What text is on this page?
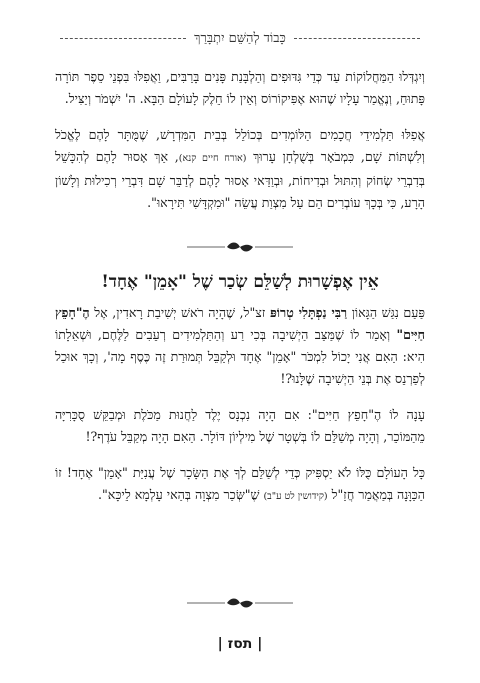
כָּבוֹד לְהַשֵּׁם יִתְבָּרַךְ

וְיִגְדְּלוּ הַמַּחֲלוֹקוֹת עַד כְּדֵי גִּדּוּפִים וְהַלְבָּנַת פָּנִים בָּרַבִּים, וַאֲפִלּוּ בִּפְנֵי סֵפֶר תּוֹרָה פָּתוּחַ, וְנֶאֱמַר עָלָיו שֶׁהוּא אֶפִּיקוֹרוֹס וְאֵין לוֹ חֵלֶק לָעוֹלָם הַבָּא. ה' יִשְׁמֹר וְיַצִּיל.

אֲפִלּוּ תַּלְמִידֵי חֲכָמִים הַלּוֹמְדִים בְּכוֹלֵל בְּבֵית הַמִּדְרָשׁ, שֶׁמֻּתָּר לָהֶם לֶאֱכֹל וְלִשְׁתּוֹת שָׁם, כִּמְבֹאָר בְּשֻׁלְחָן עָרוּךְ (אורח חיים קנא), אַךְ אָסוּר לָהֶם לְהִכָּשֵׁל בְּדִבְרֵי שְׂחוֹק וְהִתּוּל וּבְדִיחוֹת, וּבְוַדַּאי אָסוּר לָהֶם לְדַבֵּר שָׁם דִּבְרֵי רְכִילוּת וְלָשׁוֹן הָרָע, כִּי בְּכָךְ עוֹבְרִים הֵם עַל מִצְוַת עֲשֵׂה "וּמִקְדָּשִׁי תִּירָאוּ".

אֵין אֶפְשָׁרוּת לְשַׁלֵּם שְׂכַר שֶׁל "אָמֵן" אֶחָד!

פַּעַם נִגַּשׁ הַגָּאוֹן רַבִּי נַפְתָּלִי טְרוֹפּ זצ"ל, שֶׁהָיָה רֹאשׁ יְשִׁיבַת רָאדִין, אֶל הֶ"חָפֵץ חַיִּים" וְאָמַר לוֹ שֶׁמַּצַּב הַיְשִׁיבָה בְּכִי רַע וְהַתַּלְמִידִים רְעֵבִים לַלֶּחֶם, וּשְׁאֵלָתוֹ הִיא: הַאִם אֲנִי יָכוֹל לִמְכֹּר "אָמֵן" אֶחָד וּלְקַבֵּל תְּמוּרַת זֶה כֶּסֶף מָה', וְכָךְ אוּכַל לְפַרְנֵס אֶת בְּנֵי הַיְשִׁיבָה שֶׁלָּנוּ?!

עָנָה לוֹ הֶ"חָפֵץ חַיִּים": אִם הָיָה נִכְנָס יֶלֶד לַחֲנוּת מַכֹּלֶת וּמְבַקֵּשׁ סֻכָּרִיָּה מֵהַמּוֹכֵר, וְהָיָה מְשַׁלֵּם לוֹ בְּשְׁטָר שֶׁל מִילְיוֹן דּוֹלָר. הַאִם הָיָה מְקַבֵּל עֹדֶף?!

כָּל הָעוֹלָם כֻּלּוֹ לֹא יַסְפִּיק כְּדֵי לְשַׁלֵּם לְךָ אֶת הַשָּׂכָר שֶׁל עֲנִיַּת "אָמֵן" אֶחָד! זוֹ הַכַּוָּנָה בְּמַאֲמַר חֲזַ"ל (קידושין לט ע"ב) שֶׁ"שְּׂכַר מִצְוָה בְּהַאי עָלְמָא לֵיכָּא".

| תסז |
